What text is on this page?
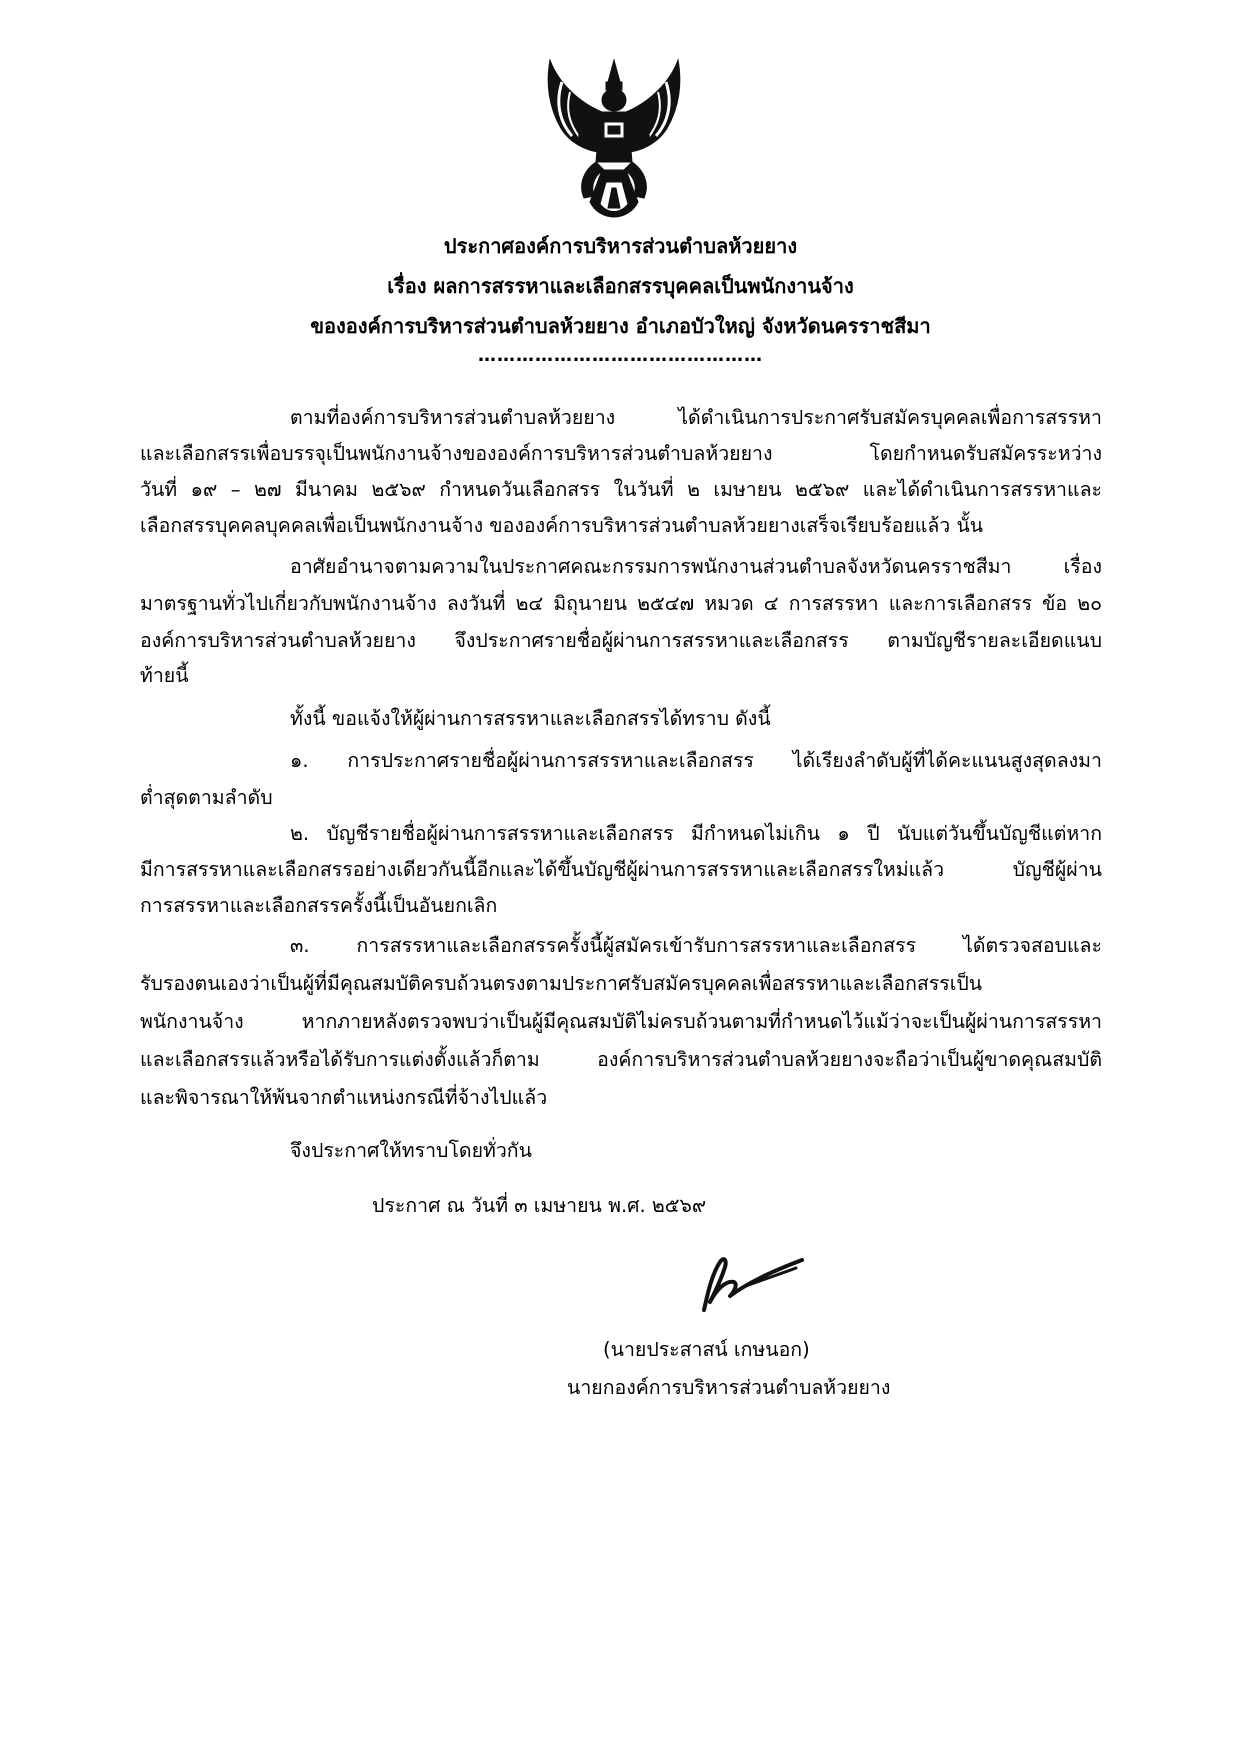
ประกาศองค์การบริหารส่วนตำบลห้วยยาง
เรื่อง ผลการสรรหาและเลือกสรรบุคคลเป็นพนักงานจ้าง
ขององค์การบริหารส่วนตำบลห้วยยาง อำเภอบัวใหญ่ จังหวัดนครราชสีมา
………………………………………
ตามที่องค์การบริหารส่วนตำบลห้วยยาง ได้ดำเนินการประกาศรับสมัครบุคคลเพื่อการสรรหา
และเลือกสรรเพื่อบรรจุเป็นพนักงานจ้างขององค์การบริหารส่วนตำบลห้วยยาง โดยกำหนดรับสมัครระหว่าง
วันที่ ๑๙ – ๒๗ มีนาคม ๒๕๖๙ กำหนดวันเลือกสรร ในวันที่ ๒ เมษายน ๒๕๖๙ และได้ดำเนินการสรรหาและ
เลือกสรรบุคคลบุคคลเพื่อเป็นพนักงานจ้าง ขององค์การบริหารส่วนตำบลห้วยยางเสร็จเรียบร้อยแล้ว นั้น
อาศัยอำนาจตามความในประกาศคณะกรรมการพนักงานส่วนตำบลจังหวัดนครราชสีมา เรื่อง
มาตรฐานทั่วไปเกี่ยวกับพนักงานจ้าง ลงวันที่ ๒๔ มิถุนายน ๒๕๔๗ หมวด ๔ การสรรหา และการเลือกสรร ข้อ ๒๐
องค์การบริหารส่วนตำบลห้วยยาง จึงประกาศรายชื่อผู้ผ่านการสรรหาและเลือกสรร ตามบัญชีรายละเอียดแนบ
ท้ายนี้
ทั้งนี้ ขอแจ้งให้ผู้ผ่านการสรรหาและเลือกสรรได้ทราบ ดังนี้
๑. การประกาศรายชื่อผู้ผ่านการสรรหาและเลือกสรร ได้เรียงลำดับผู้ที่ได้คะแนนสูงสุดลงมา
ต่ำสุดตามลำดับ
๒. บัญชีรายชื่อผู้ผ่านการสรรหาและเลือกสรร มีกำหนดไม่เกิน ๑ ปี นับแต่วันขึ้นบัญชีแต่หาก
มีการสรรหาและเลือกสรรอย่างเดียวกันนี้อีกและได้ขึ้นบัญชีผู้ผ่านการสรรหาและเลือกสรรใหม่แล้ว บัญชีผู้ผ่าน
การสรรหาและเลือกสรรครั้งนี้เป็นอันยกเลิก
๓. การสรรหาและเลือกสรรครั้งนี้ผู้สมัครเข้ารับการสรรหาและเลือกสรร ได้ตรวจสอบและ
รับรองตนเองว่าเป็นผู้ที่มีคุณสมบัติครบถ้วนตรงตามประกาศรับสมัครบุคคลเพื่อสรรหาและเลือกสรรเป็น
พนักงานจ้าง หากภายหลังตรวจพบว่าเป็นผู้มีคุณสมบัติไม่ครบถ้วนตามที่กำหนดไว้แม้ว่าจะเป็นผู้ผ่านการสรรหา
และเลือกสรรแล้วหรือได้รับการแต่งตั้งแล้วก็ตาม องค์การบริหารส่วนตำบลห้วยยางจะถือว่าเป็นผู้ขาดคุณสมบัติ
และพิจารณาให้พ้นจากตำแหน่งกรณีที่จ้างไปแล้ว
จึงประกาศให้ทราบโดยทั่วกัน
ประกาศ ณ วันที่ ๓ เมษายน พ.ศ. ๒๕๖๙
(นายประสาสน์ เกษนอก)
นายกองค์การบริหารส่วนตำบลห้วยยาง
